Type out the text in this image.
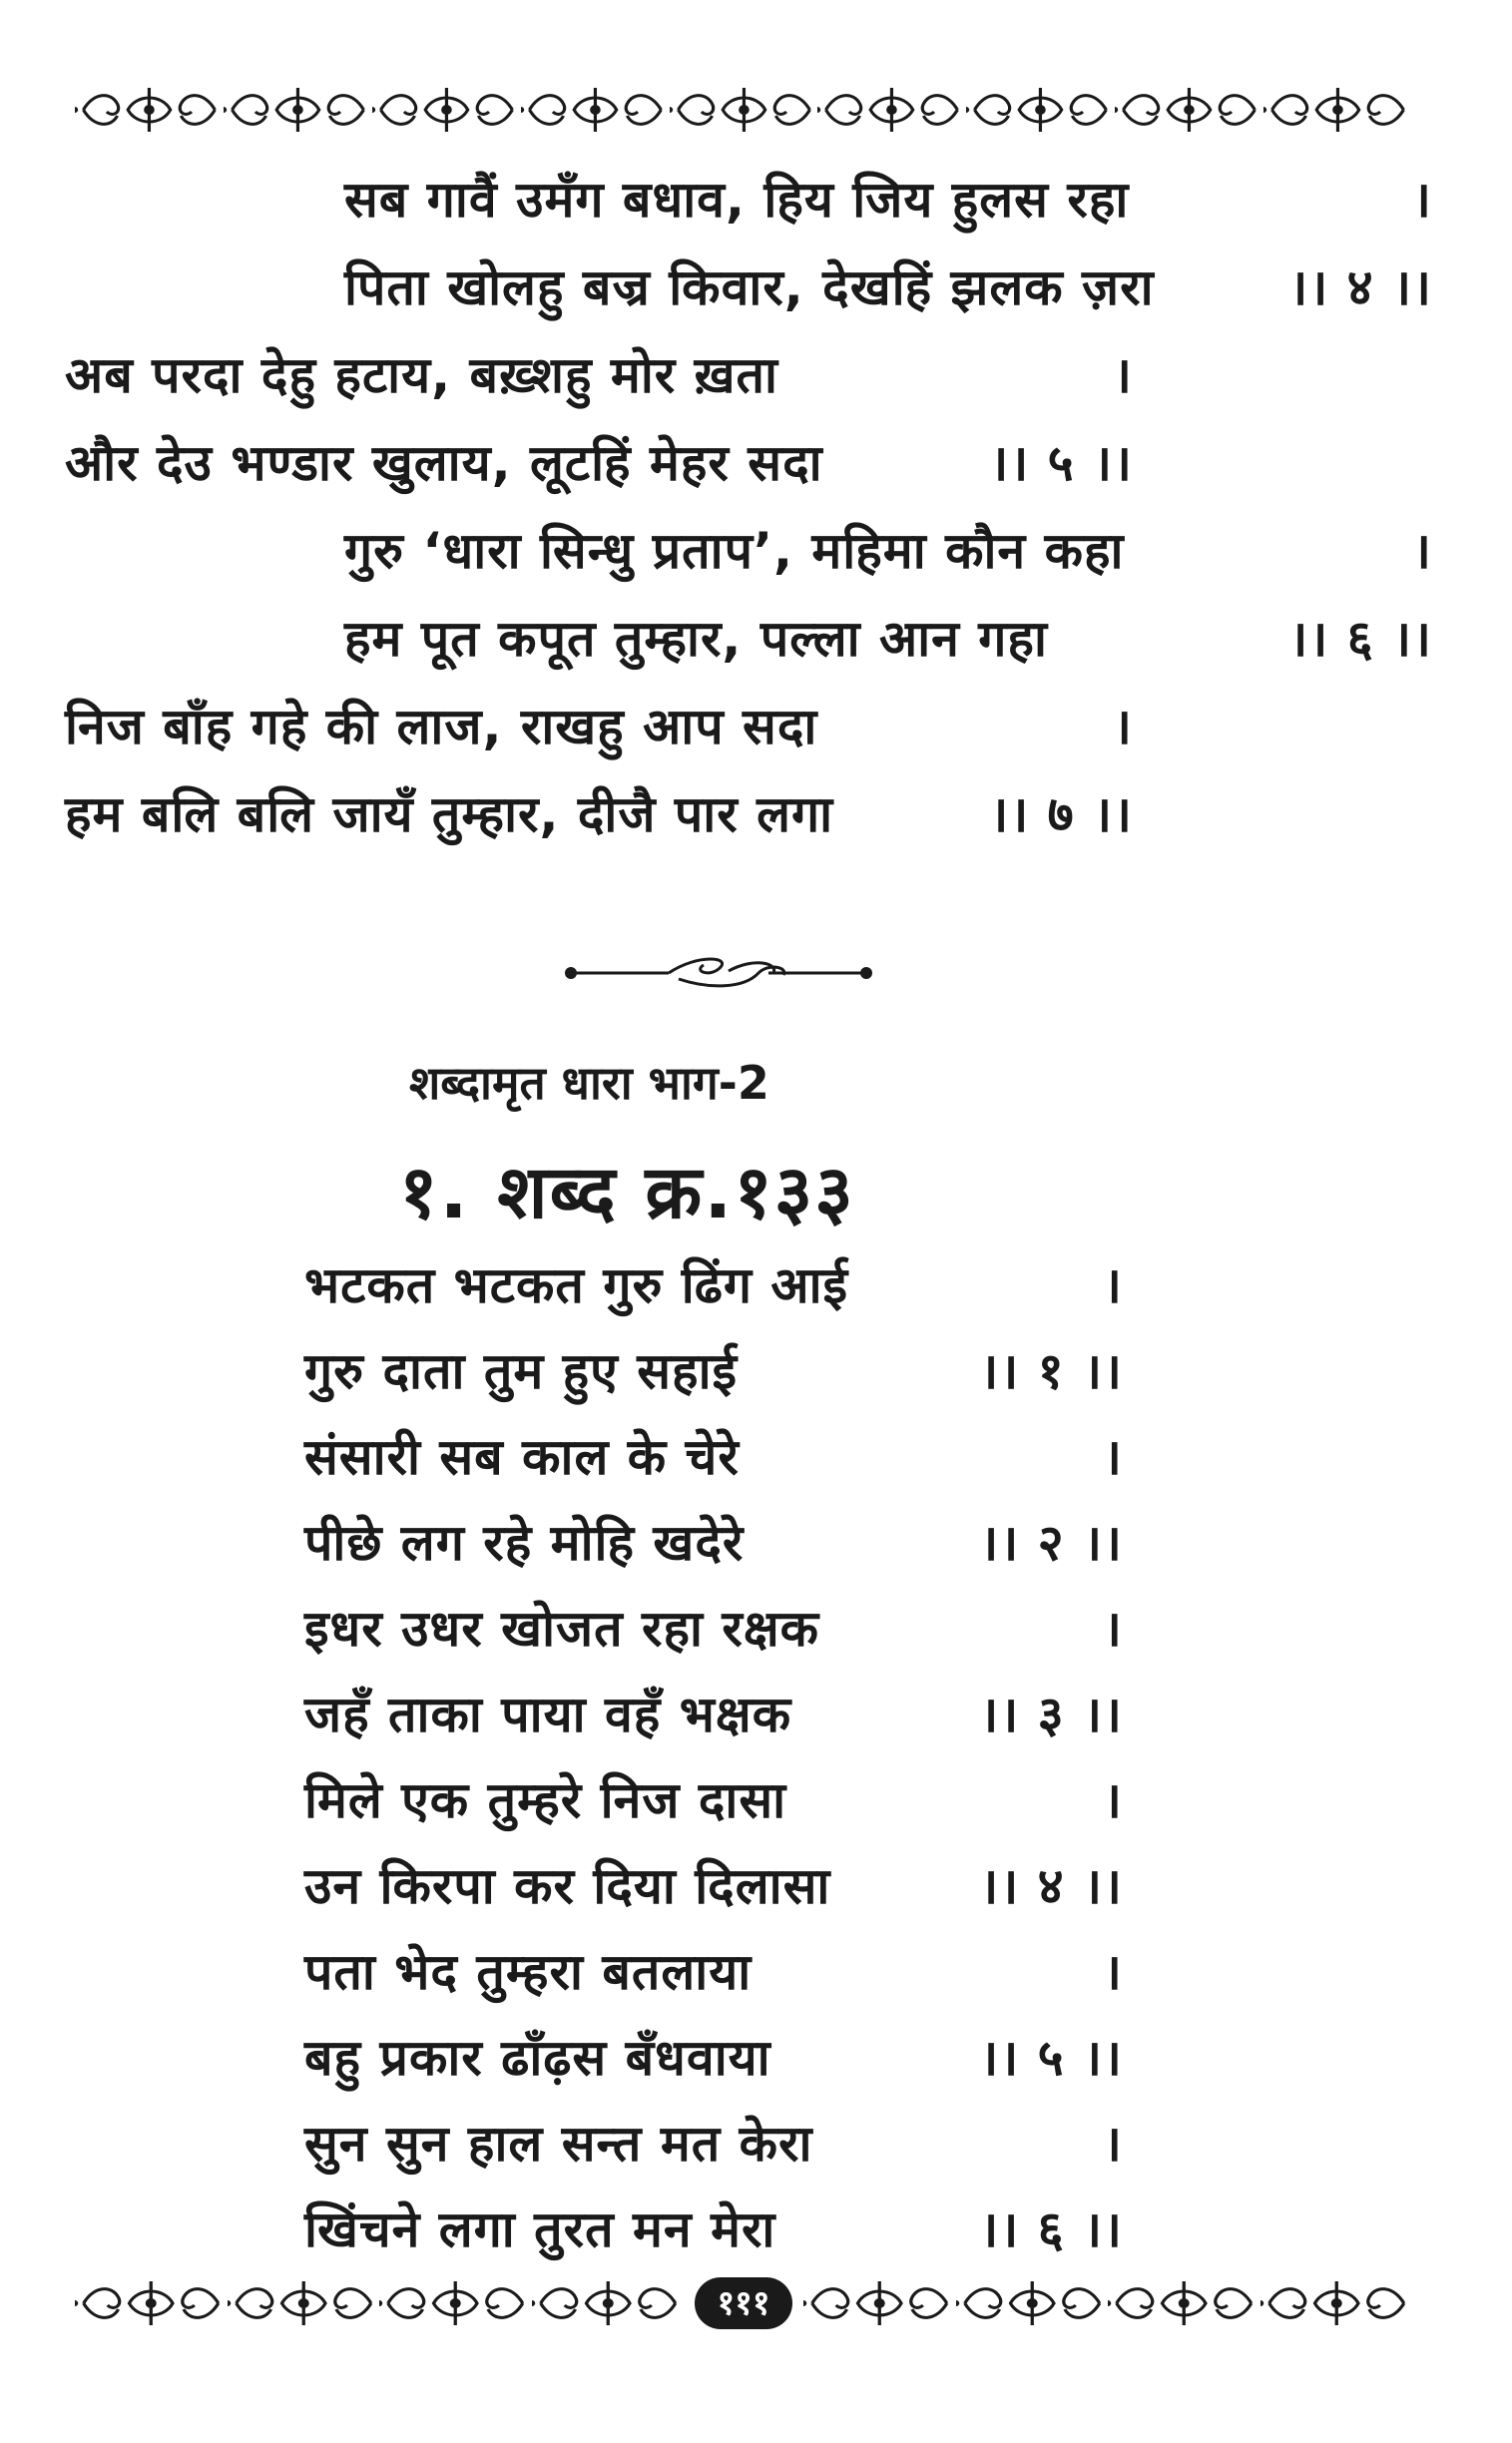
सब गावैं उमँग बधाव, हिय जिय हुलस रहा	।
पिता खोलहु बज्र किवार, देखहिं झलक ज़रा	।। ४ ।।
अब परदा देहु हटाय, बख़्शहु मोर ख़ता	।
और देउ भण्डार खुलाय, लूटहिं मेहर सदा	।। ५ ।।
गुरु ‘धारा सिन्धु प्रताप’, महिमा कौन कहा	।
हम पूत कपूत तुम्हार, पल्ला आन गहा	।। ६ ।।
निज बाँह गहे की लाज, राखहु आप सदा	।
हम बलि बलि जायँ तुम्हार, दीजै पार लगा	।। ७ ।।
शब्दामृत धारा भाग-2
१. शब्द क्र.१३३
भटकत भटकत गुरु ढिंग आई	।
गुरु दाता तुम हुए सहाई	।। १ ।।
संसारी सब काल के चेरे	।
पीछे लग रहे मोहि खदेरे	।। २ ।।
इधर उधर खोजत रहा रक्षक	।
जहँ ताका पाया वहँ भक्षक	।। ३ ।।
मिले एक तुम्हरे निज दासा	।
उन किरपा कर दिया दिलासा	।। ४ ।।
पता भेद तुम्हरा बतलाया	।
बहु प्रकार ढाँढ़स बँधवाया	।। ५ ।।
सुन सुन हाल सन्त मत केरा	।
खिंचने लगा तुरत मन मेरा	।। ६ ।।
१११
